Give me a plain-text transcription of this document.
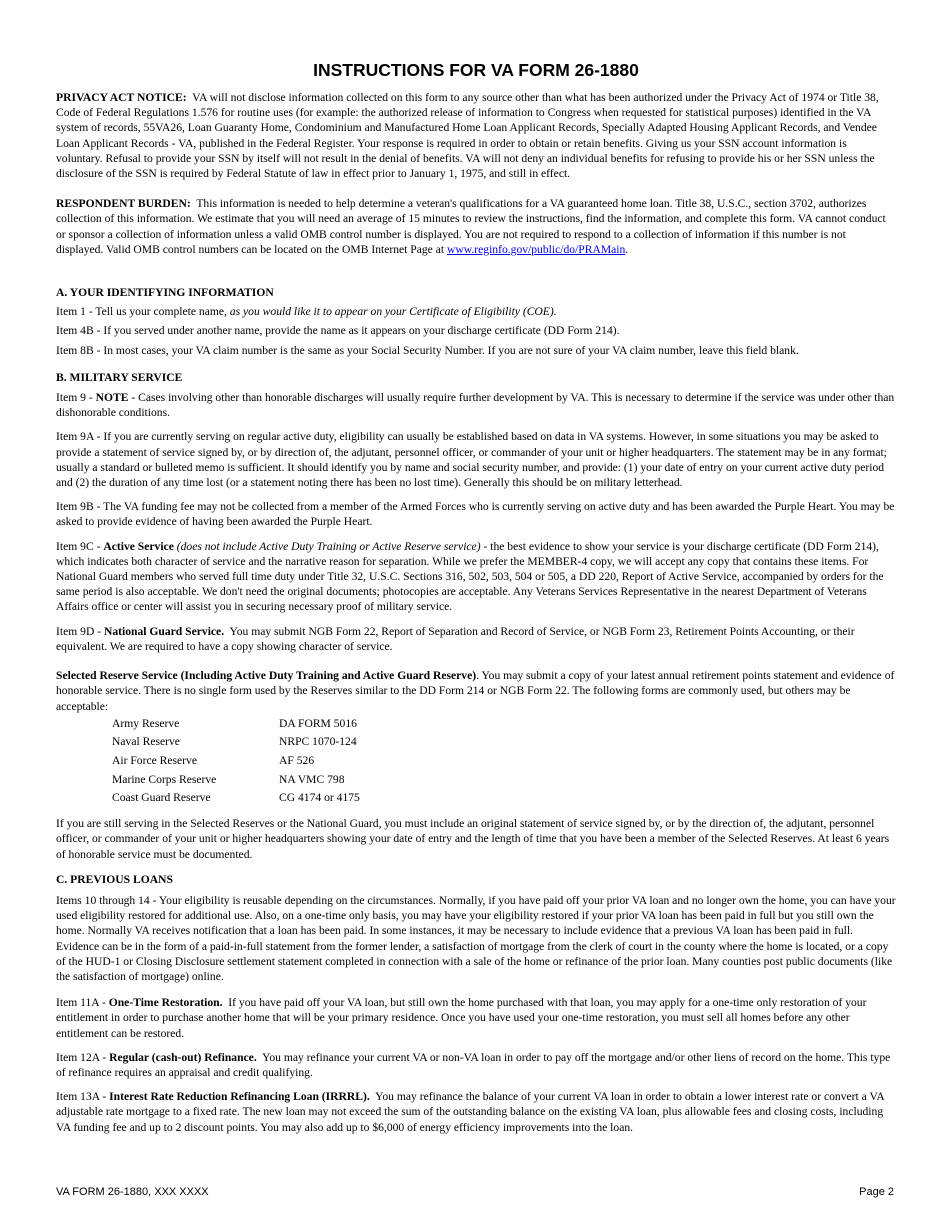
INSTRUCTIONS FOR VA FORM 26-1880

PRIVACY ACT NOTICE: VA will not disclose information collected on this form to any source other than what has been authorized under the Privacy Act of 1974 or Title 38, Code of Federal Regulations 1.576 for routine uses (for example: the authorized release of information to Congress when requested for statistical purposes) identified in the VA system of records, 55VA26, Loan Guaranty Home, Condominium and Manufactured Home Loan Applicant Records, Specially Adapted Housing Applicant Records, and Vendee Loan Applicant Records - VA, published in the Federal Register. Your response is required in order to obtain or retain benefits. Giving us your SSN account information is voluntary. Refusal to provide your SSN by itself will not result in the denial of benefits. VA will not deny an individual benefits for refusing to provide his or her SSN unless the disclosure of the SSN is required by Federal Statute of law in effect prior to January 1, 1975, and still in effect.

RESPONDENT BURDEN: This information is needed to help determine a veteran's qualifications for a VA guaranteed home loan. Title 38, U.S.C., section 3702, authorizes collection of this information. We estimate that you will need an average of 15 minutes to review the instructions, find the information, and complete this form. VA cannot conduct or sponsor a collection of information unless a valid OMB control number is displayed. You are not required to respond to a collection of information if this number is not displayed. Valid OMB control numbers can be located on the OMB Internet Page at www.reginfo.gov/public/do/PRAMain.

A. YOUR IDENTIFYING INFORMATION

Item 1 - Tell us your complete name, as you would like it to appear on your Certificate of Eligibility (COE).

Item 4B - If you served under another name, provide the name as it appears on your discharge certificate (DD Form 214).

Item 8B - In most cases, your VA claim number is the same as your Social Security Number. If you are not sure of your VA claim number, leave this field blank.

B. MILITARY SERVICE

Item 9 - NOTE - Cases involving other than honorable discharges will usually require further development by VA. This is necessary to determine if the service was under other than dishonorable conditions.

Item 9A - If you are currently serving on regular active duty, eligibility can usually be established based on data in VA systems. However, in some situations you may be asked to provide a statement of service signed by, or by direction of, the adjutant, personnel officer, or commander of your unit or higher headquarters. The statement may be in any format; usually a standard or bulleted memo is sufficient. It should identify you by name and social security number, and provide: (1) your date of entry on your current active duty period and (2) the duration of any time lost (or a statement noting there has been no lost time). Generally this should be on military letterhead.

Item 9B - The VA funding fee may not be collected from a member of the Armed Forces who is currently serving on active duty and has been awarded the Purple Heart. You may be asked to provide evidence of having been awarded the Purple Heart.

Item 9C - Active Service (does not include Active Duty Training or Active Reserve service) - the best evidence to show your service is your discharge certificate (DD Form 214), which indicates both character of service and the narrative reason for separation. While we prefer the MEMBER-4 copy, we will accept any copy that contains these items. For National Guard members who served full time duty under Title 32, U.S.C. Sections 316, 502, 503, 504 or 505, a DD 220, Report of Active Service, accompanied by orders for the same period is also acceptable. We don't need the original documents; photocopies are acceptable. Any Veterans Services Representative in the nearest Department of Veterans Affairs office or center will assist you in securing necessary proof of military service.

Item 9D - National Guard Service. You may submit NGB Form 22, Report of Separation and Record of Service, or NGB Form 23, Retirement Points Accounting, or their equivalent. We are required to have a copy showing character of service.

Selected Reserve Service (Including Active Duty Training and Active Guard Reserve). You may submit a copy of your latest annual retirement points statement and evidence of honorable service. There is no single form used by the Reserves similar to the DD Form 214 or NGB Form 22. The following forms are commonly used, but others may be acceptable:

Army Reserve	DA FORM 5016
Naval Reserve	NRPC 1070-124
Air Force Reserve	AF 526
Marine Corps Reserve	NA VMC 798
Coast Guard Reserve	CG 4174 or 4175

If you are still serving in the Selected Reserves or the National Guard, you must include an original statement of service signed by, or by the direction of, the adjutant, personnel officer, or commander of your unit or higher headquarters showing your date of entry and the length of time that you have been a member of the Selected Reserves. At least 6 years of honorable service must be documented.

C. PREVIOUS LOANS

Items 10 through 14 - Your eligibility is reusable depending on the circumstances. Normally, if you have paid off your prior VA loan and no longer own the home, you can have your used eligibility restored for additional use. Also, on a one-time only basis, you may have your eligibility restored if your prior VA loan has been paid in full but you still own the home. Normally VA receives notification that a loan has been paid. In some instances, it may be necessary to include evidence that a previous VA loan has been paid in full. Evidence can be in the form of a paid-in-full statement from the former lender, a satisfaction of mortgage from the clerk of court in the county where the home is located, or a copy of the HUD-1 or Closing Disclosure settlement statement completed in connection with a sale of the home or refinance of the prior loan. Many counties post public documents (like the satisfaction of mortgage) online.

Item 11A - One-Time Restoration. If you have paid off your VA loan, but still own the home purchased with that loan, you may apply for a one-time only restoration of your entitlement in order to purchase another home that will be your primary residence. Once you have used your one-time restoration, you must sell all homes before any other entitlement can be restored.

Item 12A - Regular (cash-out) Refinance. You may refinance your current VA or non-VA loan in order to pay off the mortgage and/or other liens of record on the home. This type of refinance requires an appraisal and credit qualifying.

Item 13A - Interest Rate Reduction Refinancing Loan (IRRRL). You may refinance the balance of your current VA loan in order to obtain a lower interest rate or convert a VA adjustable rate mortgage to a fixed rate. The new loan may not exceed the sum of the outstanding balance on the existing VA loan, plus allowable fees and closing costs, including VA funding fee and up to 2 discount points. You may also add up to $6,000 of energy efficiency improvements into the loan.

VA FORM 26-1880, XXX XXXX	Page 2
